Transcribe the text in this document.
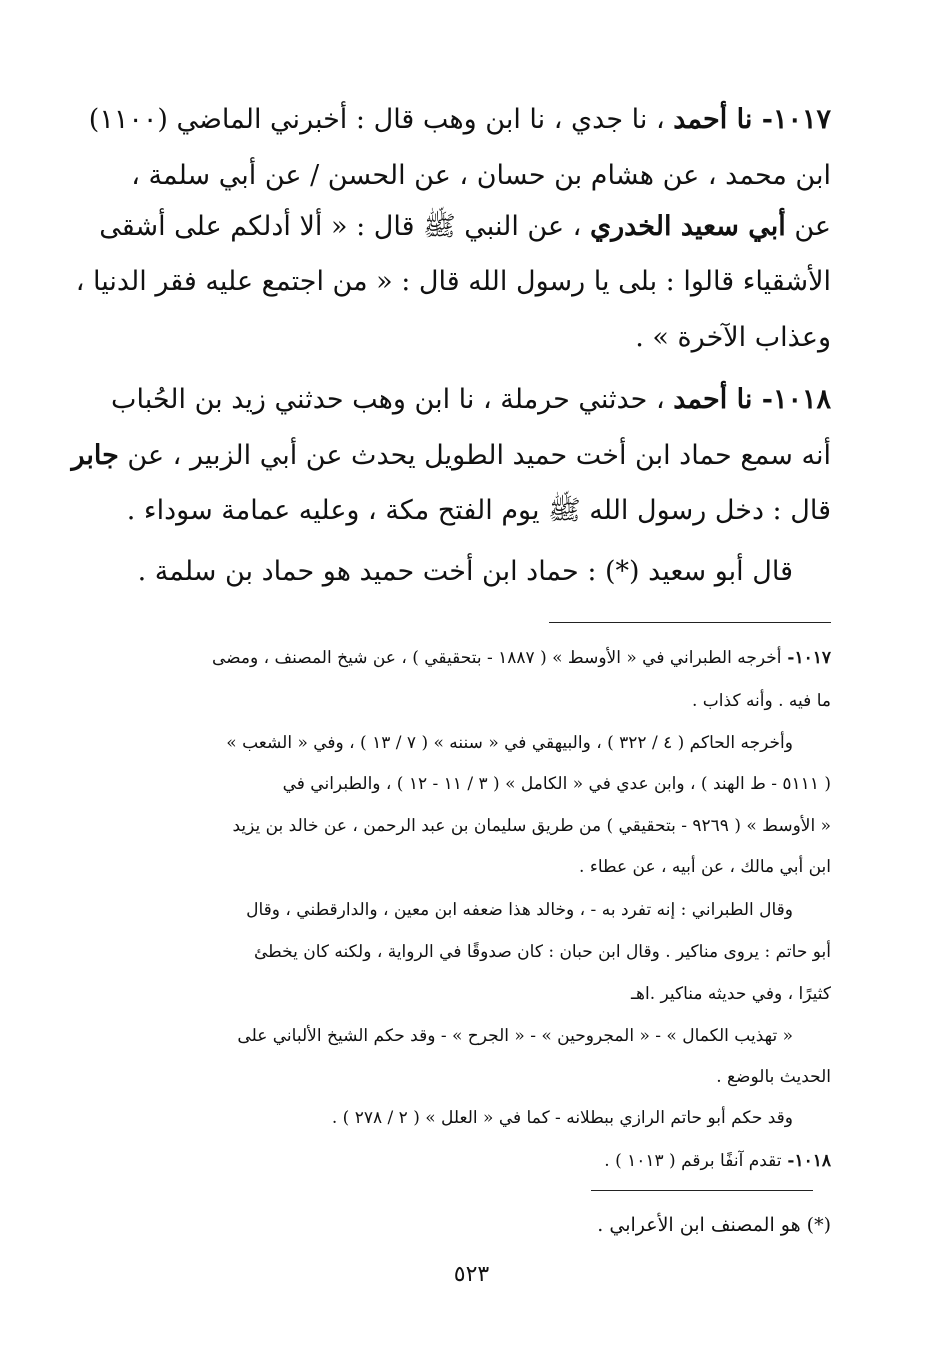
١٠١٧- نا أحمد ، نا جدي ، نا ابن وهب قال : أخبرني الماضي (١١٠٠)
ابن محمد ، عن هشام بن حسان ، عن الحسن / عن أبي سلمة ،
عن أبي سعيد الخدري ، عن النبي ﷺ قال : « ألا أدلكم على أشقى
الأشقياء قالوا : بلى يا رسول الله قال : « من اجتمع عليه فقر الدنيا ،
وعذاب الآخرة » .
١٠١٨- نا أحمد ، حدثني حرملة ، نا ابن وهب حدثني زيد بن الحُباب
أنه سمع حماد ابن أخت حميد الطويل يحدث عن أبي الزبير ، عن جابر
قال : دخل رسول الله ﷺ يوم الفتح مكة ، وعليه عمامة سوداء .
قال أبو سعيد (*) : حماد ابن أخت حميد هو حماد بن سلمة .
١٠١٧- أخرجه الطبراني في « الأوسط » ( ١٨٨٧ - بتحقيقي ) ، عن شيخ المصنف ، ومضى
ما فيه . وأنه كذاب .
وأخرجه الحاكم ( ٤ / ٣٢٢ ) ، والبيهقي في « سننه » ( ٧ / ١٣ ) ، وفي « الشعب »
( ٥١١١ - ط الهند ) ، وابن عدي في « الكامل » ( ٣ / ١١ - ١٢ ) ، والطبراني في
« الأوسط » ( ٩٢٦٩ - بتحقيقي ) من طريق سليمان بن عبد الرحمن ، عن خالد بن يزيد
ابن أبي مالك ، عن أبيه ، عن عطاء .
وقال الطبراني : إنه تفرد به - ، وخالد هذا ضعفه ابن معين ، والدارقطني ، وقال
أبو حاتم : يروى مناكير . وقال ابن حبان : كان صدوقًا في الرواية ، ولكنه كان يخطئ
كثيرًا ، وفي حديثه مناكير .اهـ
« تهذيب الكمال » - « المجروحين » - « الجرح » - وقد حكم الشيخ الألباني على
الحديث بالوضع .
وقد حكم أبو حاتم الرازي ببطلانه - كما في « العلل » ( ٢ / ٢٧٨ ) .
١٠١٨- تقدم آنفًا برقم ( ١٠١٣ ) .
(*) هو المصنف ابن الأعرابي .
٥٢٣
